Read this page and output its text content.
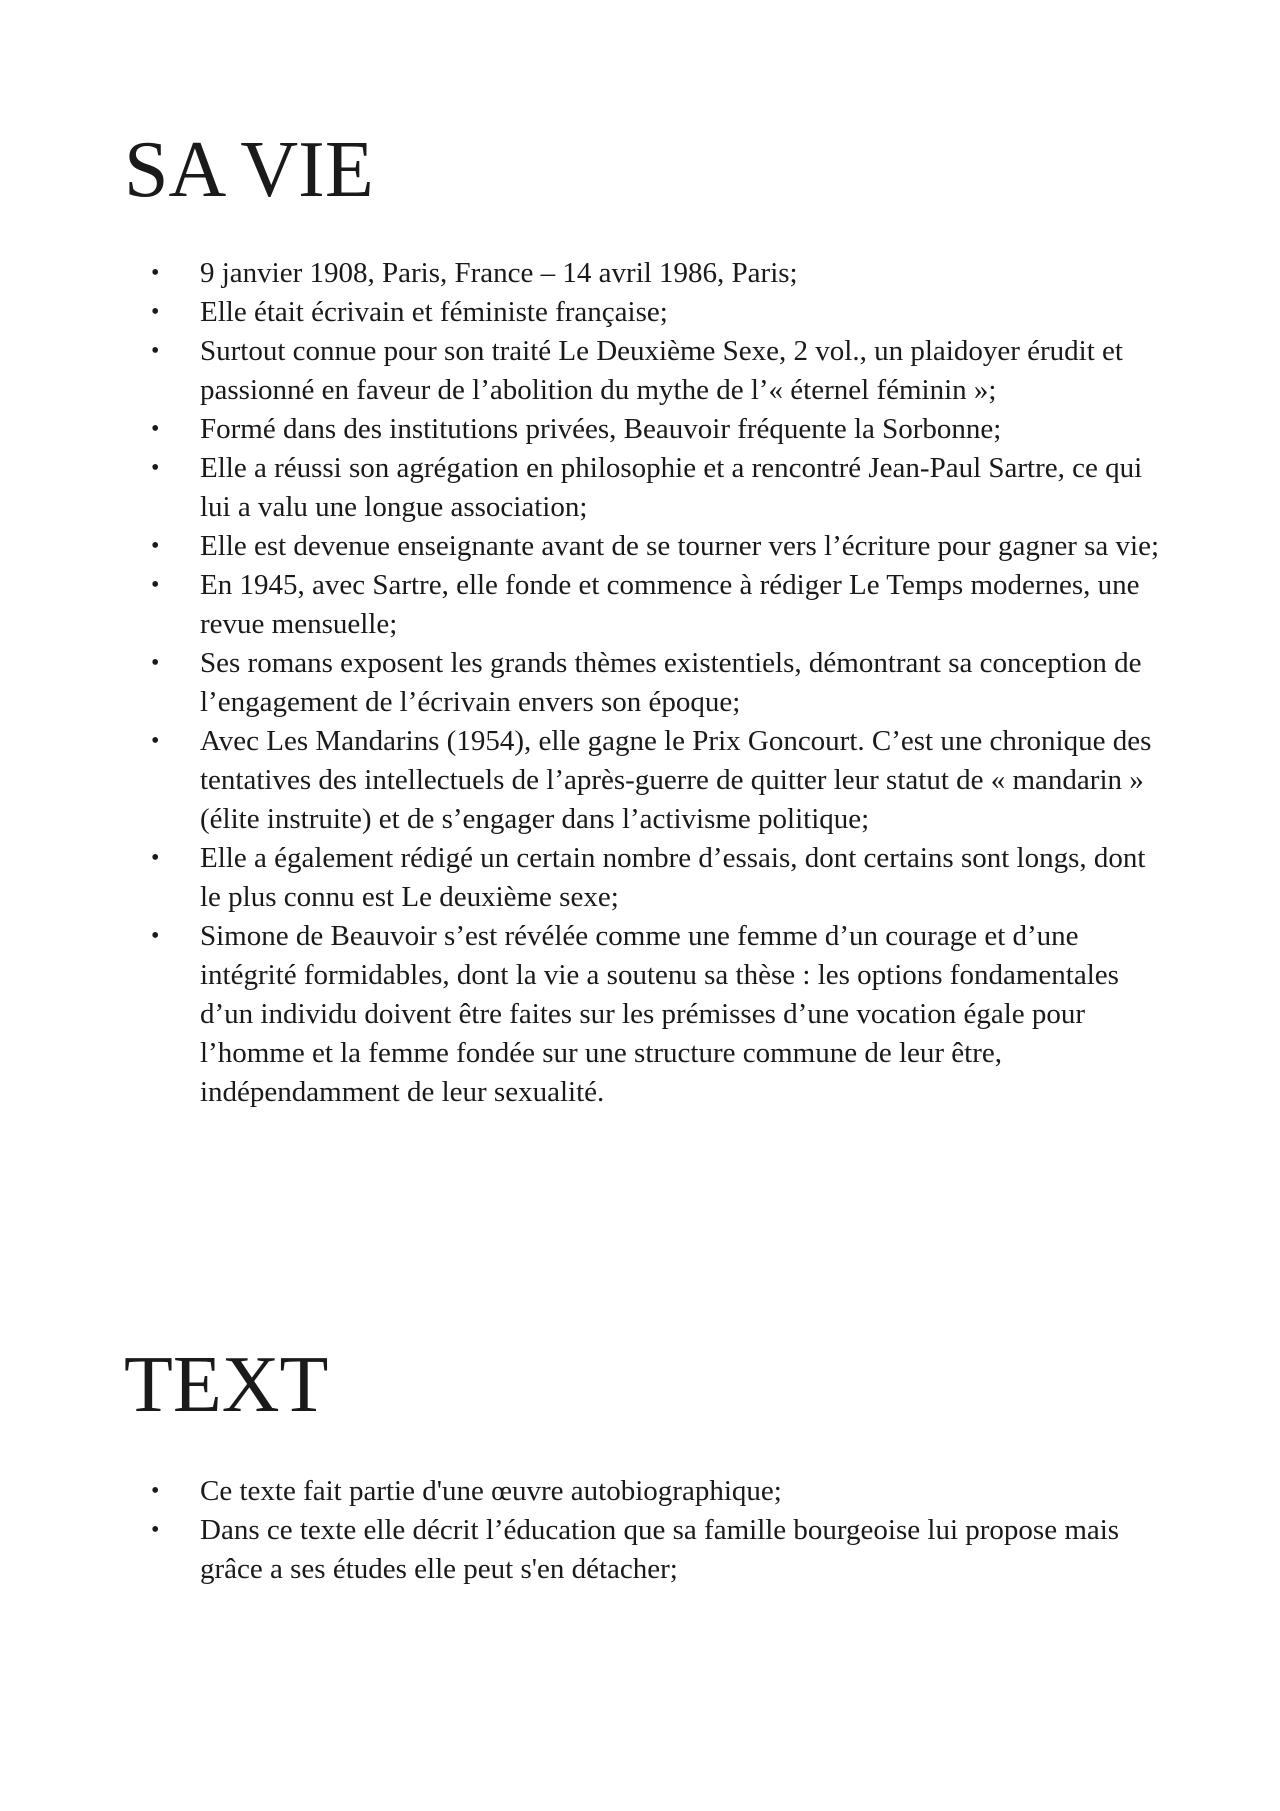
SA VIE
• 9 janvier 1908, Paris, France – 14 avril 1986, Paris;
• Elle était écrivain et féministe française;
• Surtout connue pour son traité Le Deuxième Sexe, 2 vol., un plaidoyer érudit et passionné en faveur de l’abolition du mythe de l’« éternel féminin »;
• Formé dans des institutions privées, Beauvoir fréquente la Sorbonne;
• Elle a réussi son agrégation en philosophie et a rencontré Jean-Paul Sartre, ce qui lui a valu une longue association;
• Elle est devenue enseignante avant de se tourner vers l’écriture pour gagner sa vie;
• En 1945, avec Sartre, elle fonde et commence à rédiger Le Temps modernes, une revue mensuelle;
• Ses romans exposent les grands thèmes existentiels, démontrant sa conception de l’engagement de l’écrivain envers son époque;
• Avec Les Mandarins (1954), elle gagne le Prix Goncourt. C’est une chronique des tentatives des intellectuels de l’après-guerre de quitter leur statut de « mandarin » (élite instruite) et de s’engager dans l’activisme politique;
• Elle a également rédigé un certain nombre d’essais, dont certains sont longs, dont le plus connu est Le deuxième sexe;
• Simone de Beauvoir s’est révélée comme une femme d’un courage et d’une intégrité formidables, dont la vie a soutenu sa thèse : les options fondamentales d’un individu doivent être faites sur les prémisses d’une vocation égale pour l’homme et la femme fondée sur une structure commune de leur être, indépendamment de leur sexualité.
TEXT
• Ce texte fait partie d'une œuvre autobiographique;
• Dans ce texte elle décrit l’éducation que sa famille bourgeoise lui propose mais grâce a ses études elle peut s'en détacher;
